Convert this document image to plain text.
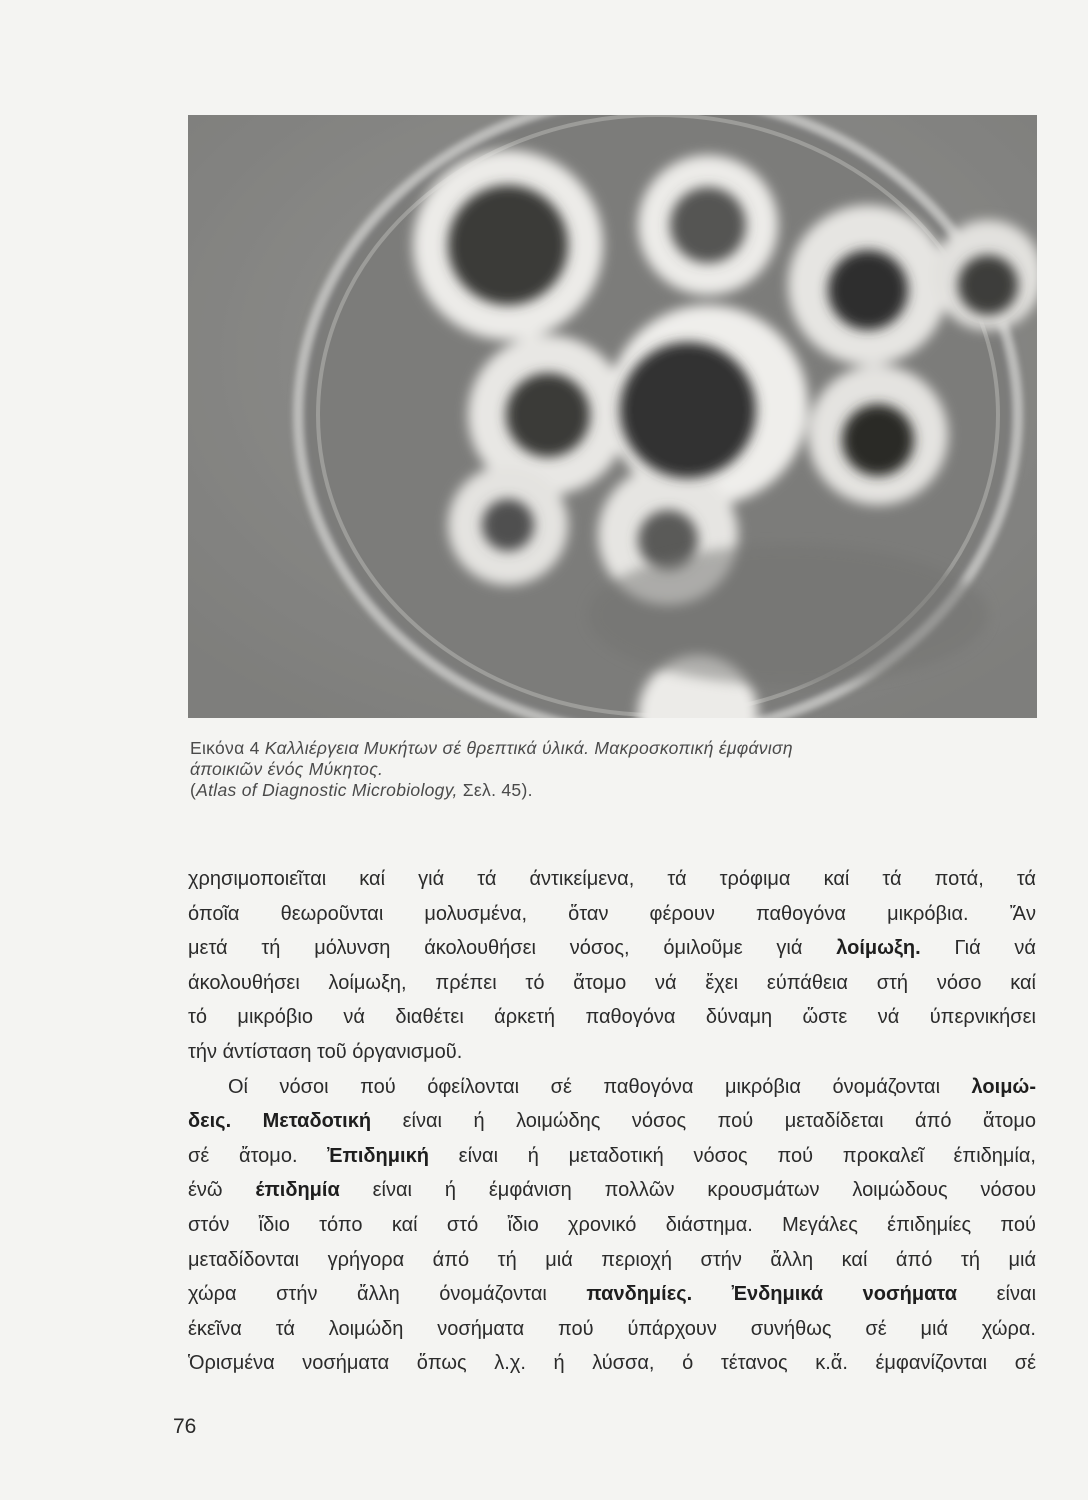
Εικόνα 4 Καλλιέργεια Μυκήτων σέ θρεπτικά ύλικά. Μακροσκοπική έμφάνιση
άποικιῶν ένός Μύκητος.
(Atlas of Diagnostic Microbiology, Σελ. 45).
χρησιμοποιεῖται καί γιά τά άντικείμενα, τά τρόφιμα καί τά ποτά, τά
όποῖα θεωροῦνται μολυσμένα, ὅταν φέρουν παθογόνα μικρόβια. Ἄν
μετά τή μόλυνση άκολουθήσει νόσος, όμιλοῦμε γιά λοίμωξη. Γιά νά
άκολουθήσει λοίμωξη, πρέπει τό ἄτομο νά ἔχει εύπάθεια στή νόσο καί
τό μικρόβιο νά διαθέτει άρκετή παθογόνα δύναμη ὥστε νά ύπερνικήσει
τήν άντίσταση τοῦ όργανισμοῦ.
Οί νόσοι πού όφείλονται σέ παθογόνα μικρόβια όνομάζονται λοιμώ-
δεις. Μεταδοτική είναι ή λοιμώδης νόσος πού μεταδίδεται άπό ἄτομο
σέ ἄτομο. Ἐπιδημική είναι ή μεταδοτική νόσος πού προκαλεῖ έπιδημία,
ένῶ έπιδημία είναι ή έμφάνιση πολλῶν κρουσμάτων λοιμώδους νόσου
στόν ἴδιο τόπο καί στό ἴδιο χρονικό διάστημα. Μεγάλες έπιδημίες πού
μεταδίδονται γρήγορα άπό τή μιά περιοχή στήν ἄλλη καί άπό τή μιά
χώρα στήν ἄλλη όνομάζονται πανδημίες. Ἐνδημικά νοσήματα είναι
έκεῖνα τά λοιμώδη νοσήματα πού ύπάρχουν συνήθως σέ μιά χώρα.
Ὁρισμένα νοσήματα ὅπως λ.χ. ή λύσσα, ό τέτανος κ.ἄ. έμφανίζονται σέ
76
